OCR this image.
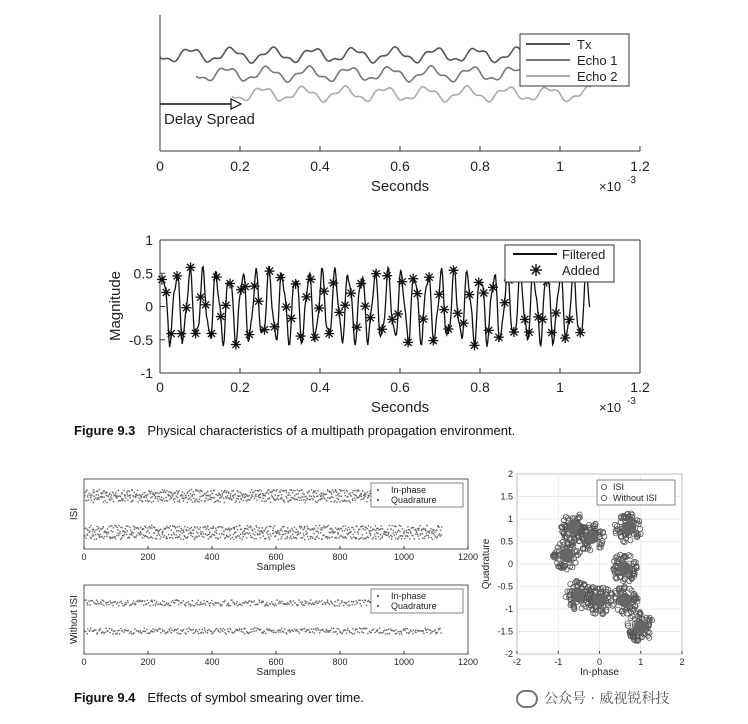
0	0.2	0.4	0.6	0.8	1	1.2
Delay Spread
Seconds	×10 -3
Tx
Echo 1
Echo 2
0	0.2	0.4	0.6	0.8	1	1.2
-1
-0.5
0
0.5
1
Seconds
Magnitude
×10 -3
Filtered
Added
0	200	400	600	800	1000	1200
Samples
ISI
In-phase
Quadrature
0	200	400	600	800	1000	1200
Samples
Without ISI	In-phase
Quadrature
-2	-1	0	1	2
-2
-1.5
-1
-0.5
0
0.5
1
1.5
2
In-phase
Quadrature
ISI
Without ISI
Figure 9.3 Physical characteristics of a multipath propagation environment.
Figure 9.4 Effects of symbol smearing over time.	公众号 · 威视锐科技
